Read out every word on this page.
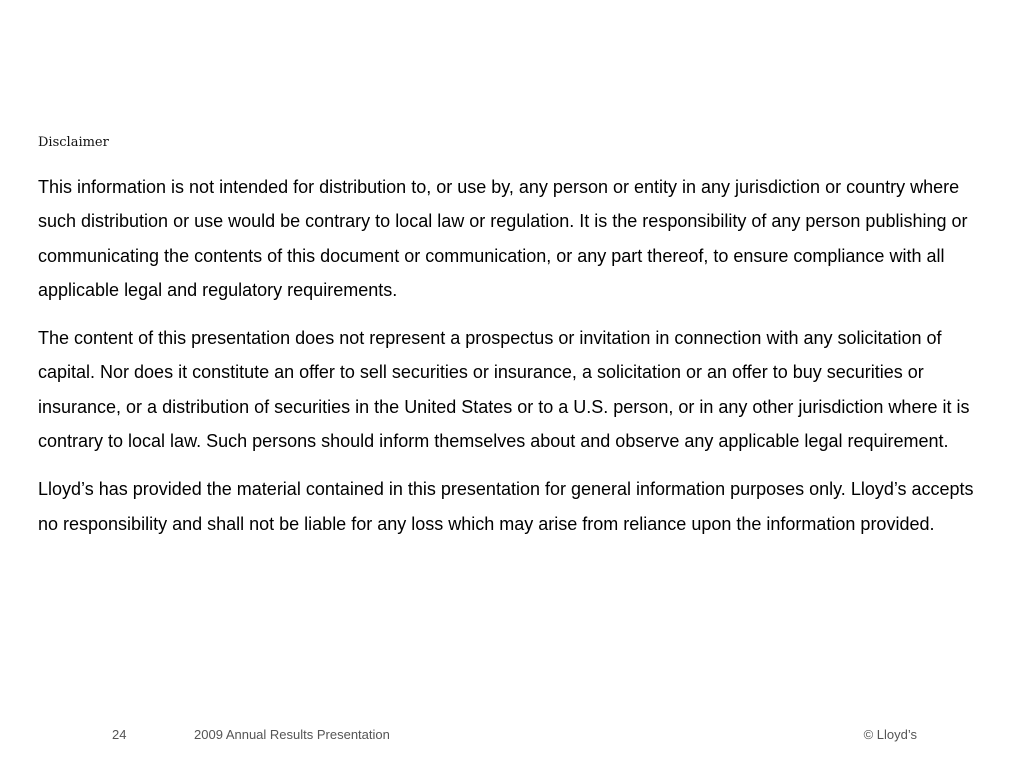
Disclaimer

This information is not intended for distribution to, or use by, any person or entity in any jurisdiction or country where such distribution or use would be contrary to local law or regulation. It is the responsibility of any person publishing or communicating the contents of this document or communication, or any part thereof, to ensure compliance with all applicable legal and regulatory requirements.

The content of this presentation does not represent a prospectus or invitation in connection with any solicitation of capital. Nor does it constitute an offer to sell securities or insurance, a solicitation or an offer to buy securities or insurance, or a distribution of securities in the United States or to a U.S. person, or in any other jurisdiction where it is contrary to local law. Such persons should inform themselves about and observe any applicable legal requirement.

Lloyd’s has provided the material contained in this presentation for general information purposes only. Lloyd’s accepts no responsibility and shall not be liable for any loss which may arise from reliance upon the information provided.

24	2009 Annual Results Presentation	© Lloyd’s
